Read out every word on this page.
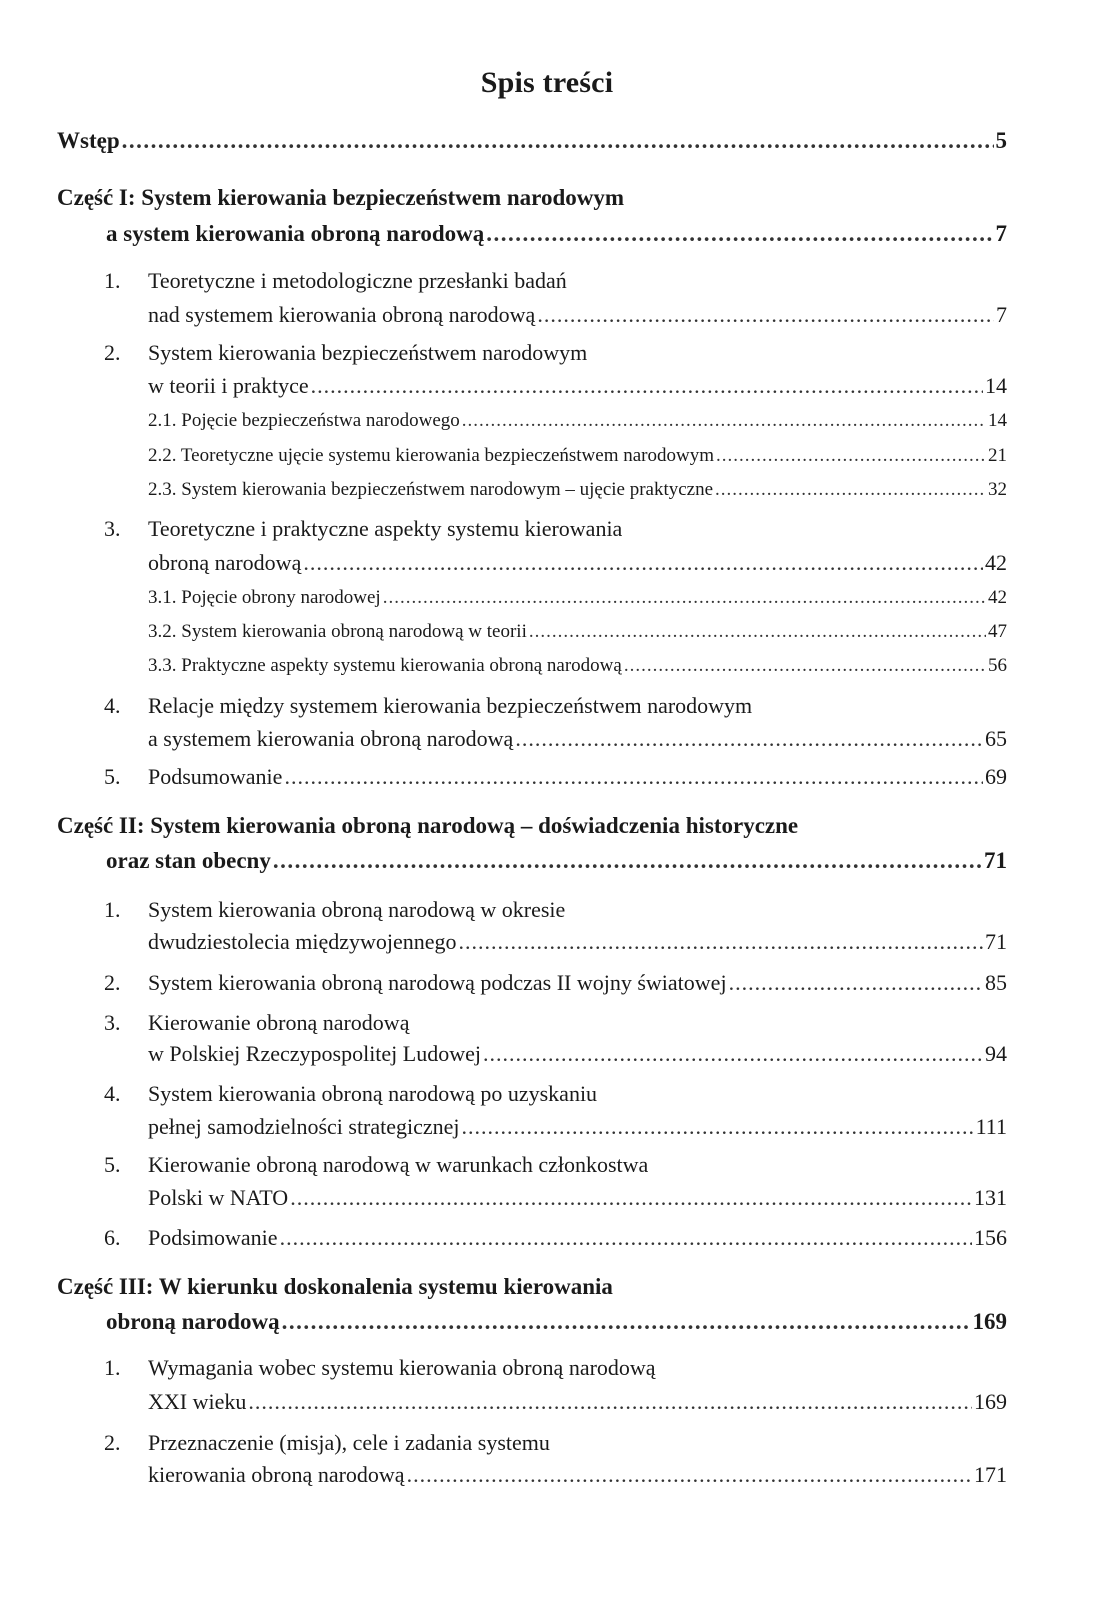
Spis treści
Wstęp .....	5
Część I: System kierowania bezpieczeństwem narodowym
a system kierowania obroną narodową .....	7
1. Teoretyczne i metodologiczne przesłanki badań
nad systemem kierowania obroną narodową .....	7
2. System kierowania bezpieczeństwem narodowym
w teorii i praktyce .....	14
2.1. Pojęcie bezpieczeństwa narodowego .....	14
2.2. Teoretyczne ujęcie systemu kierowania bezpieczeństwem narodowym .....	21
2.3. System kierowania bezpieczeństwem narodowym – ujęcie praktyczne .....	32
3. Teoretyczne i praktyczne aspekty systemu kierowania
obroną narodową .....	42
3.1. Pojęcie obrony narodowej .....	42
3.2. System kierowania obroną narodową w teorii .....	47
3.3. Praktyczne aspekty systemu kierowania obroną narodową .....	56
4. Relacje między systemem kierowania bezpieczeństwem narodowym
a systemem kierowania obroną narodową .....	65
5. Podsumowanie .....	69
Część II: System kierowania obroną narodową – doświadczenia historyczne
oraz stan obecny .....	71
1. System kierowania obroną narodową w okresie
dwudziestolecia międzywojennego .....	71
2. System kierowania obroną narodową podczas II wojny światowej .....	85
3. Kierowanie obroną narodową
w Polskiej Rzeczypospolitej Ludowej .....	94
4. System kierowania obroną narodową po uzyskaniu
pełnej samodzielności strategicznej .....	111
5. Kierowanie obroną narodową w warunkach członkostwa
Polski w NATO .....	131
6. Podsimowanie .....	156
Część III: W kierunku doskonalenia systemu kierowania
obroną narodową .....	169
1. Wymagania wobec systemu kierowania obroną narodową
XXI wieku .....	169
2. Przeznaczenie (misja), cele i zadania systemu
kierowania obroną narodową .....	171
